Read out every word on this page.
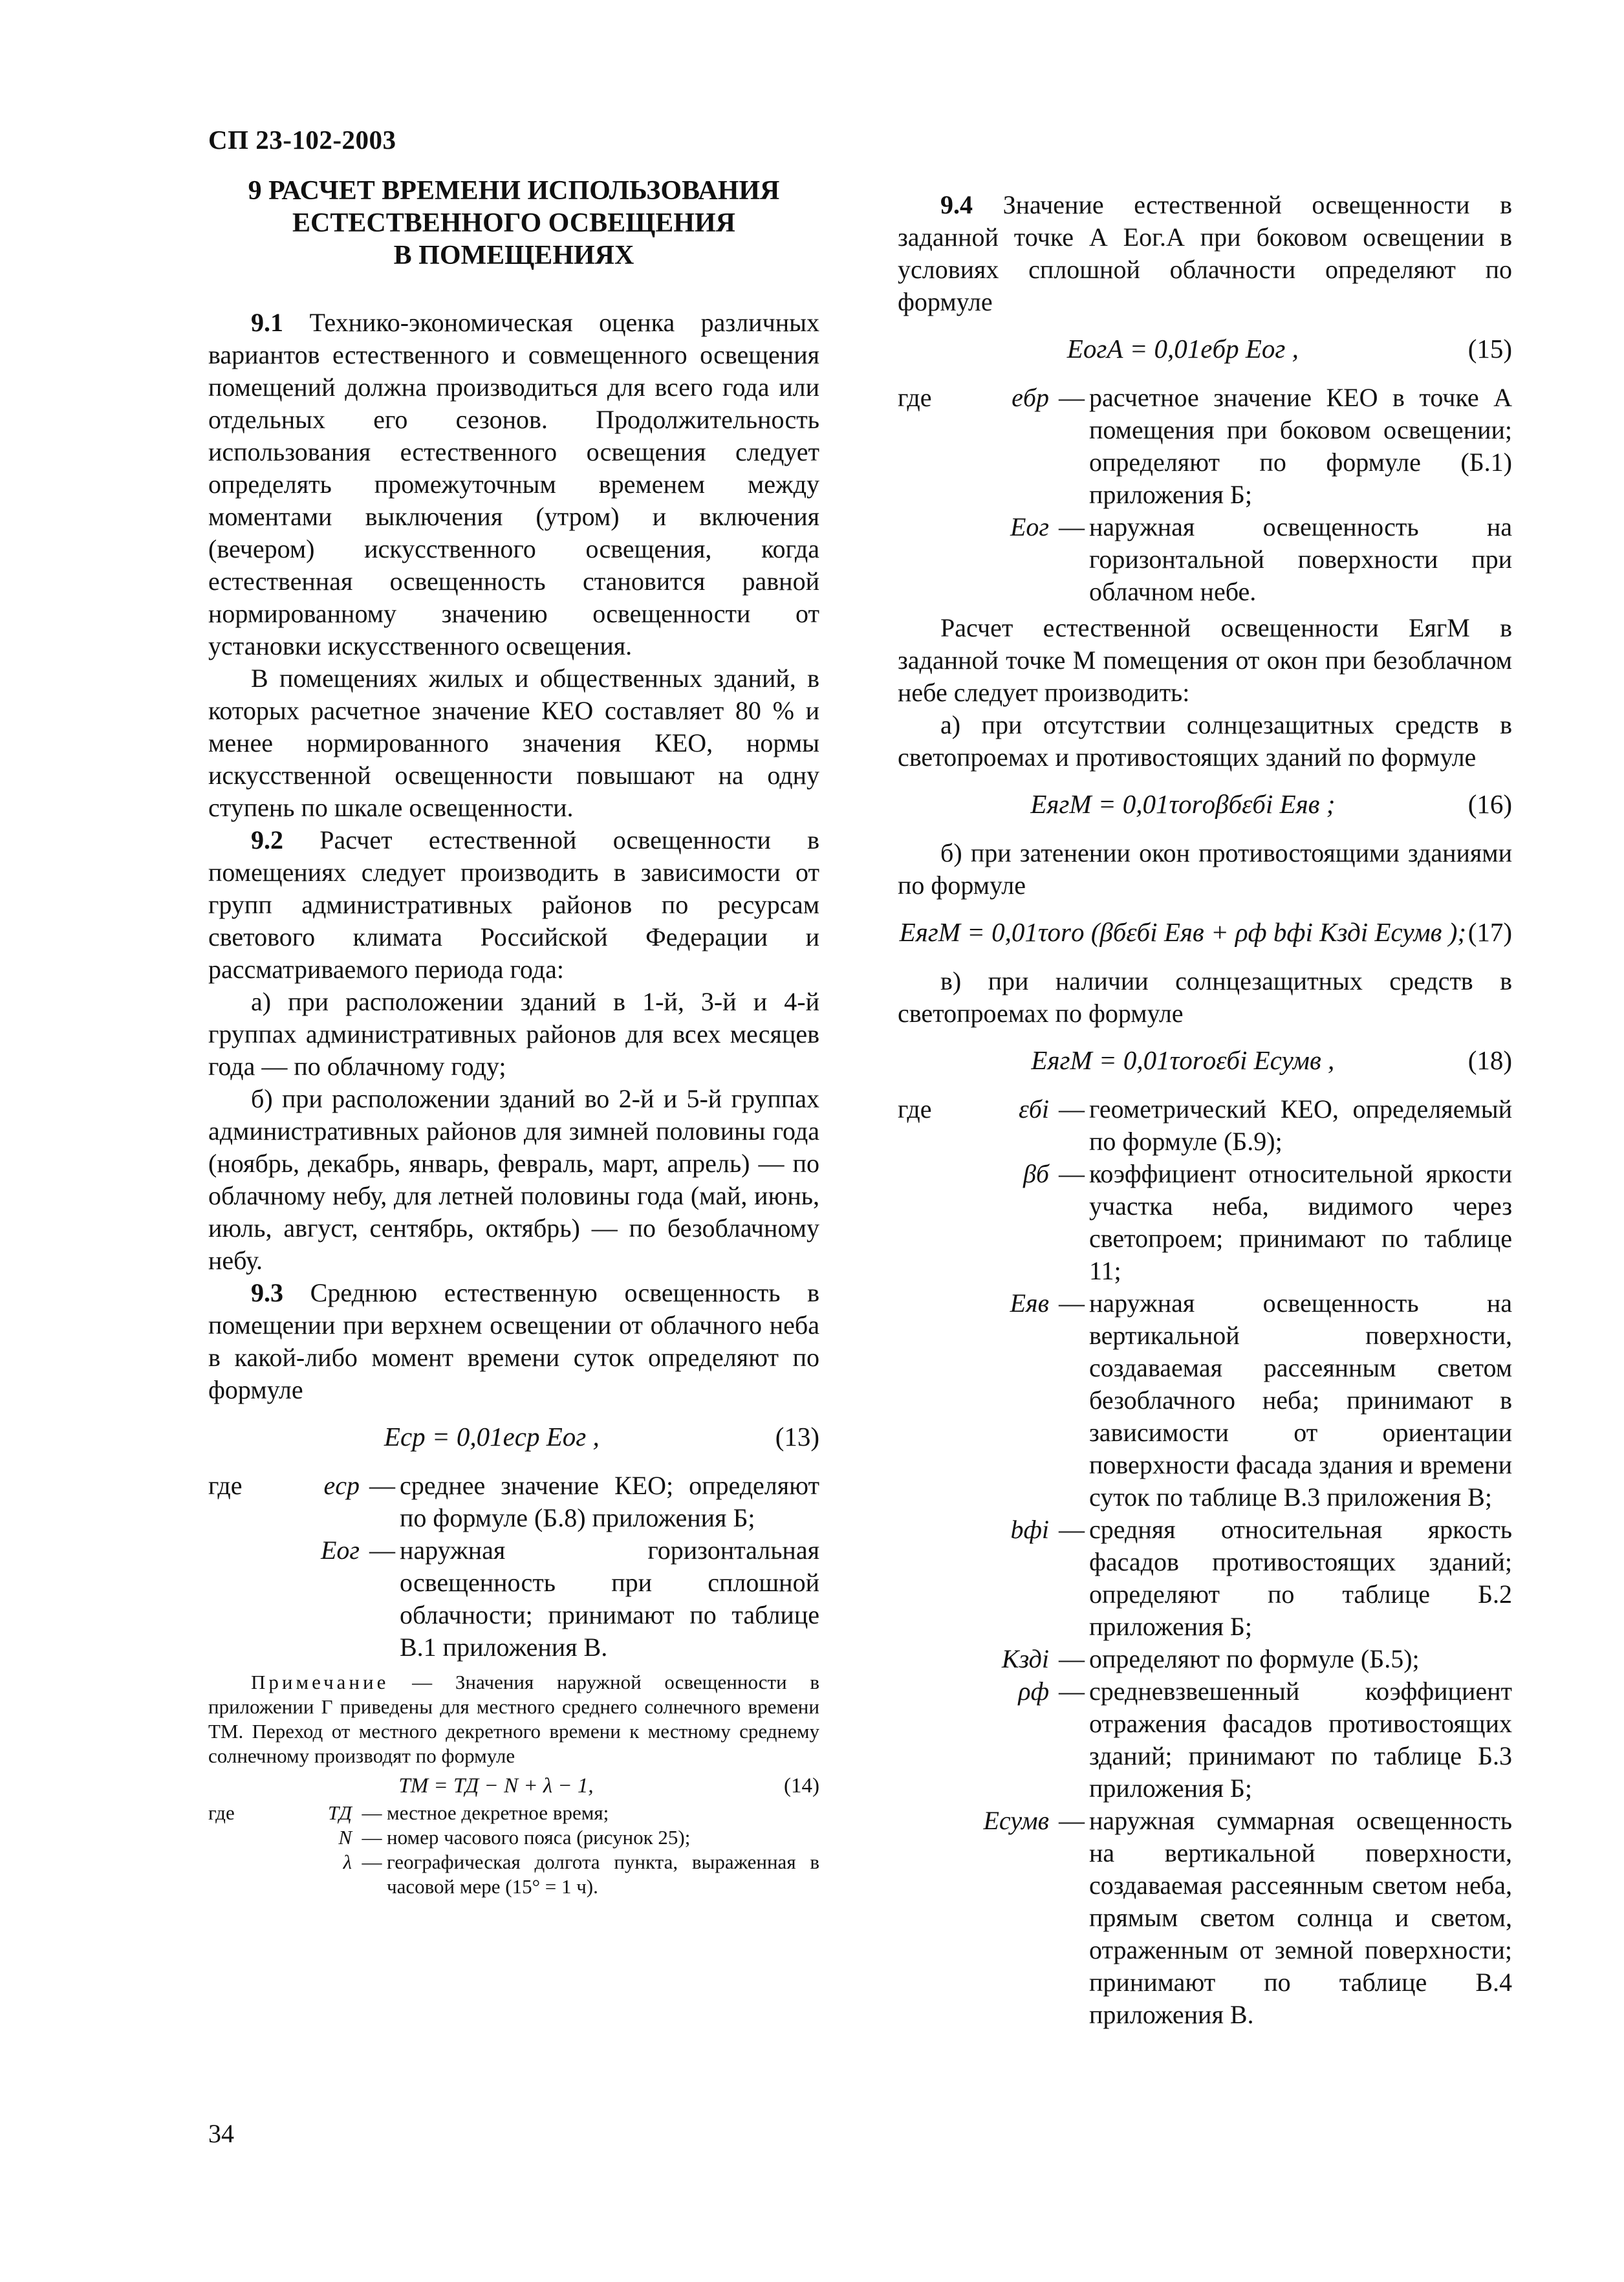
СП 23-102-2003
9 РАСЧЕТ ВРЕМЕНИ ИСПОЛЬЗОВАНИЯ
ЕСТЕСТВЕННОГО ОСВЕЩЕНИЯ
В ПОМЕЩЕНИЯХ

9.1 Технико-экономическая оценка различных вариантов естественного и совмещенного освещения помещений должна производиться для всего года или отдельных его сезонов. Продолжительность использования естественного освещения следует определять промежуточным временем между моментами выключения (утром) и включения (вечером) искусственного освещения, когда естественная освещенность становится равной нормированному значению освещенности от установки искусственного освещения.

В помещениях жилых и общественных зданий, в которых расчетное значение КЕО составляет 80 % и менее нормированного значения КЕО, нормы искусственной освещенности повышают на одну ступень по шкале освещенности.

9.2 Расчет естественной освещенности в помещениях следует производить в зависимости от групп административных районов по ресурсам светового климата Российской Федерации и рассматриваемого периода года:

а) при расположении зданий в 1-й, 3-й и 4-й группах административных районов для всех месяцев года — по облачному году;

б) при расположении зданий во 2-й и 5-й группах административных районов для зимней половины года (ноябрь, декабрь, январь, февраль, март, апрель) — по облачному небу, для летней половины года (май, июнь, июль, август, сентябрь, октябрь) — по безоблачному небу.

9.3 Среднюю естественную освещенность в помещении при верхнем освещении от облачного неба в какой-либо момент времени суток определяют по формуле

Eср = 0,01eср Eог ,	(13)
где	eср	—	среднее значение КЕО; определяют по формуле (Б.8) приложения Б;
	Eог	—	наружная горизонтальная освещенность при сплошной облачности; принимают по таблице В.1 приложения В.

Примечание — Значения наружной освещенности в приложении Г приведены для местного среднего солнечного времени TМ. Переход от местного декретного времени к местному среднему солнечному производят по формуле

TМ = TД − N + λ − 1,	(14)
где	TД	—	местное декретное время;
	N	—	номер часового пояса (рисунок 25);
	λ	—	географическая долгота пункта, выраженная в часовой мере (15° = 1 ч).

9.4 Значение естественной освещенности в заданной точке А Eог.А при боковом освещении в условиях сплошной облачности определяют по формуле

EогА = 0,01eбр Eог ,	(15)
где	eбр	—	расчетное значение КЕО в точке А помещения при боковом освещении; определяют по формуле (Б.1) приложения Б;
	Eог	—	наружная освещенность на горизонтальной поверхности при облачном небе.

Расчет естественной освещенности EягМ в заданной точке М помещения от окон при безоблачном небе следует производить:

а) при отсутствии солнцезащитных средств в светопроемах и противостоящих зданий по формуле

EягМ = 0,01τоrоβбεбi Eяв ;	(16)

б) при затенении окон противостоящими зданиями по формуле

EягМ = 0,01τоrо (βбεбi Eяв + ρф bфi Kздi Eсумв ); (17)

в) при наличии солнцезащитных средств в светопроемах по формуле

EягМ = 0,01τоrоεбi Eсумв ,	(18)
где	εбi	—	геометрический КЕО, определяемый по формуле (Б.9);
	βб	—	коэффициент относительной яркости участка неба, видимого через светопроем; принимают по таблице 11;
	Eяв	—	наружная освещенность на вертикальной поверхности, создаваемая рассеянным светом безоблачного неба; принимают в зависимости от ориентации поверхности фасада здания и времени суток по таблице В.3 приложения В;
	bфi	—	средняя относительная яркость фасадов противостоящих зданий; определяют по таблице Б.2 приложения Б;
	Kздi	—	определяют по формуле (Б.5);
	ρф	—	средневзвешенный коэффициент отражения фасадов противостоящих зданий; принимают по таблице Б.3 приложения Б;
	Eсумв	—	наружная суммарная освещенность на вертикальной поверхности, создаваемая рассеянным светом неба, прямым светом солнца и светом, отраженным от земной поверхности; принимают по таблице В.4 приложения В.
34
